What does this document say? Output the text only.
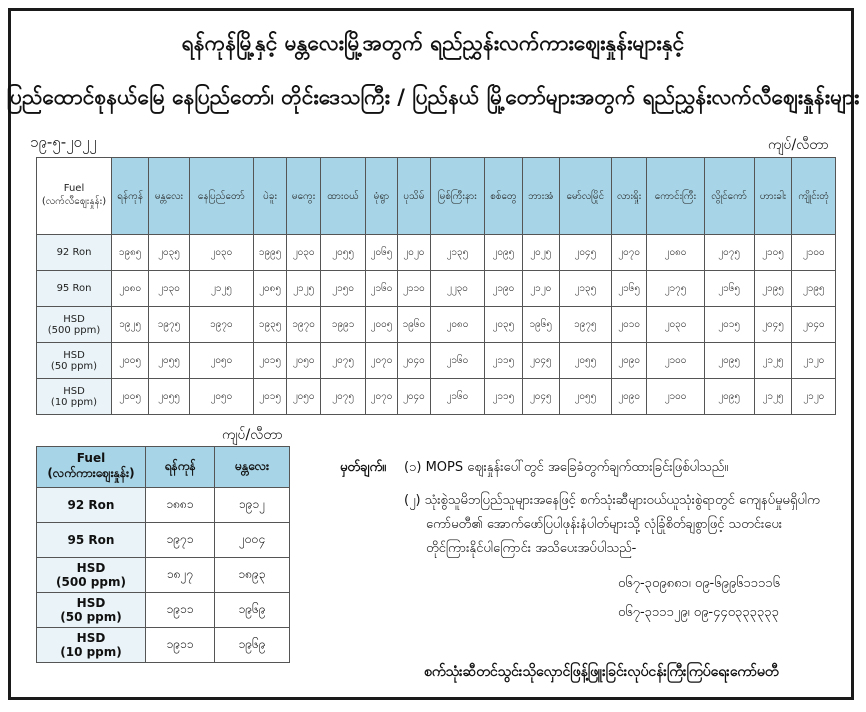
ရန်ကုန်မြို့နှင့် မန္တလေးမြို့အတွက် ရည်ညွှန်းလက်ကားဈေးနှုန်းများနှင့်
ပြည်ထောင်စုနယ်မြေ နေပြည်တော်၊ တိုင်းဒေသကြီး / ပြည်နယ် မြို့တော်များအတွက် ရည်ညွှန်းလက်လီဈေးနှုန်းများ
၁၉-၅-၂၀၂၂	ကျပ်/လီတာ
Fuel
(လက်လီဈေးနှုန်း)	ရန်ကုန်	မန္တလေး	နေပြည်တော်	ပဲခူး	မကွေး	ထားဝယ်	မုံရွာ	ပုသိမ်	မြစ်ကြီးနား	စစ်တွေ	ဘားအံ	မော်လမြိုင်	လားရှိုး	ကောင်းကြီး	လွိုင်ကော်	ဟားခါး	ကျိုင်းတုံ

92 Ron	၁၉၈၅	၂၀၃၅	၂၀၃၀	၁၉၉၅	၂၀၃၀	၂၀၅၅	၂၀၆၅	၂၀၂၀	၂၁၃၅	၂၀၉၅	၂၀၂၅	၂၀၄၅	၂၀၇၀	၂၀၈၀	၂၀၇၅	၂၁၀၅	၂၁၀၀

95 Ron	၂၀၈၀	၂၁၃၀	၂၁၂၅	၂၀၈၅	၂၁၂၅	၂၁၅၀	၂၁၆၀	၂၁၁၀	၂၂၃၀	၂၁၉၀	၂၁၂၀	၂၁၃၅	၂၁၆၅	၂၁၇၅	၂၁၆၅	၂၁၉၅	၂၁၉၅

HSD
(500 ppm)	၁၉၂၅	၁၉၇၅	၁၉၇၀	၁၉၃၅	၁၉၇၀	၁၉၉၁	၂၀၀၅	၁၉၆၀	၂၀၈၀	၂၀၃၅	၁၉၆၅	၁၉၇၅	၂၀၁၀	၂၀၃၀	၂၀၁၅	၂၀၄၅	၂၀၄၀

HSD
(50 ppm)	၂၀၀၅	၂၀၅၅	၂၀၅၀	၂၀၁၅	၂၀၅၀	၂၀၇၅	၂၀၇၀	၂၀၄၀	၂၁၆၀	၂၁၁၅	၂၀၄၅	၂၀၅၅	၂၀၉၀	၂၁၀၀	၂၀၉၅	၂၁၂၅	၂၁၂၀

HSD
(10 ppm)	၂၀၀၅	၂၀၅၅	၂၀၅၀	၂၀၁၅	၂၀၅၀	၂၀၇၅	၂၀၇၀	၂၀၄၀	၂၁၆၀	၂၁၁၅	၂၀၄၅	၂၀၅၅	၂၀၉၀	၂၁၀၀	၂၀၉၅	၂၁၂၅	၂၁၂၀
ကျပ်/လီတာ
Fuel
(လက်ကားဈေးနှုန်း)	ရန်ကုန်	မန္တလေး

92 Ron	၁၈၈၁	၁၉၁၂

95 Ron	၁၉၇၁	၂၀၀၄

HSD
(500 ppm)	၁၈၂၇	၁၈၉၃

HSD
(50 ppm)	၁၉၁၁	၁၉၆၉

HSD
(10 ppm)	၁၉၁၁	၁၉၆၉
မှတ်ချက်။ (၁) MOPS ဈေးနှုန်းပေါ်တွင် အခြေခံတွက်ချက်ထားခြင်းဖြစ်ပါသည်။
(၂) သုံးစွဲသူမိဘပြည်သူများအနေဖြင့် စက်သုံးဆီများဝယ်ယူသုံးစွဲရာတွင် ကျေနပ်မှုမရှိပါက
ကော်မတီ၏ အောက်ဖော်ပြပါဖုန်းနံပါတ်များသို့ လုံခြုံစိတ်ချစွာဖြင့် သတင်းပေး
တိုင်ကြားနိုင်ပါကြောင်း အသိပေးအပ်ပါသည်-
၀၆၇-၃၀၉၈၈၁၊ ၀၉-၆၉၉၆၁၁၁၁၆
၀၆၇-၃၁၁၁၂၉၊ ၀၉-၄၄၀၃၃၃၃၃၃
စက်သုံးဆီတင်သွင်းသိုလှောင်ဖြန့်ဖြူးခြင်းလုပ်ငန်းကြီးကြပ်ရေးကော်မတီ
